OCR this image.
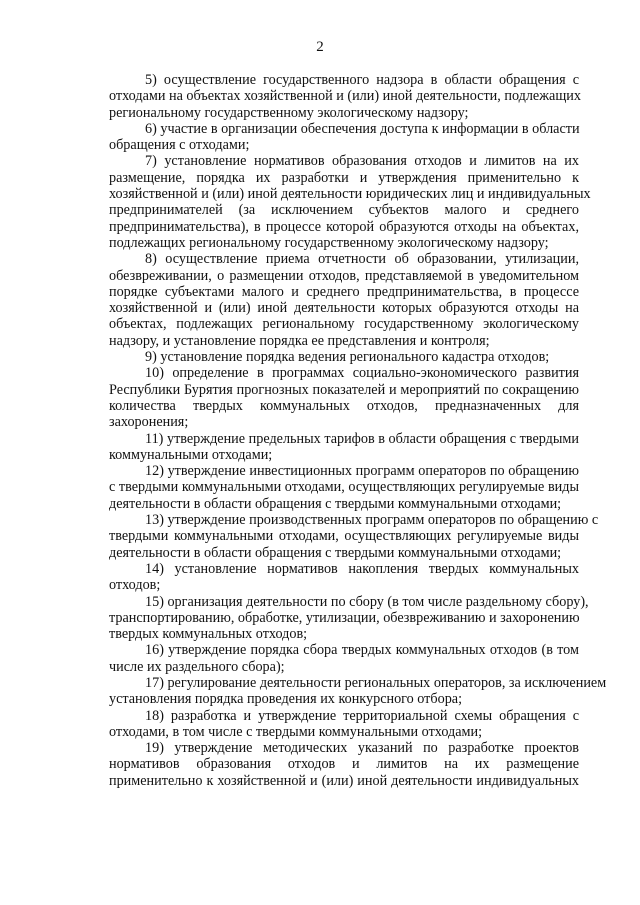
2
5) осуществление государственного надзора в области обращения с
отходами на объектах хозяйственной и (или) иной деятельности, подлежащих
региональному государственному экологическому надзору;
6) участие в организации обеспечения доступа к информации в области
обращения с отходами;
7) установление нормативов образования отходов и лимитов на их
размещение, порядка их разработки и утверждения применительно к
хозяйственной и (или) иной деятельности юридических лиц и индивидуальных
предпринимателей (за исключением субъектов малого и среднего
предпринимательства), в процессе которой образуются отходы на объектах,
подлежащих региональному государственному экологическому надзору;
8) осуществление приема отчетности об образовании, утилизации,
обезвреживании, о размещении отходов, представляемой в уведомительном
порядке субъектами малого и среднего предпринимательства, в процессе
хозяйственной и (или) иной деятельности которых образуются отходы на
объектах, подлежащих региональному государственному экологическому
надзору, и установление порядка ее представления и контроля;
9) установление порядка ведения регионального кадастра отходов;
10) определение в программах социально-экономического развития
Республики Бурятия прогнозных показателей и мероприятий по сокращению
количества твердых коммунальных отходов, предназначенных для
захоронения;
11) утверждение предельных тарифов в области обращения с твердыми
коммунальными отходами;
12) утверждение инвестиционных программ операторов по обращению
с твердыми коммунальными отходами, осуществляющих регулируемые виды
деятельности в области обращения с твердыми коммунальными отходами;
13) утверждение производственных программ операторов по обращению с
твердыми коммунальными отходами, осуществляющих регулируемые виды
деятельности в области обращения с твердыми коммунальными отходами;
14) установление нормативов накопления твердых коммунальных
отходов;
15) организация деятельности по сбору (в том числе раздельному сбору),
транспортированию, обработке, утилизации, обезвреживанию и захоронению
твердых коммунальных отходов;
16) утверждение порядка сбора твердых коммунальных отходов (в том
числе их раздельного сбора);
17) регулирование деятельности региональных операторов, за исключением
установления порядка проведения их конкурсного отбора;
18) разработка и утверждение территориальной схемы обращения с
отходами, в том числе с твердыми коммунальными отходами;
19) утверждение методических указаний по разработке проектов
нормативов образования отходов и лимитов на их размещение
применительно к хозяйственной и (или) иной деятельности индивидуальных
